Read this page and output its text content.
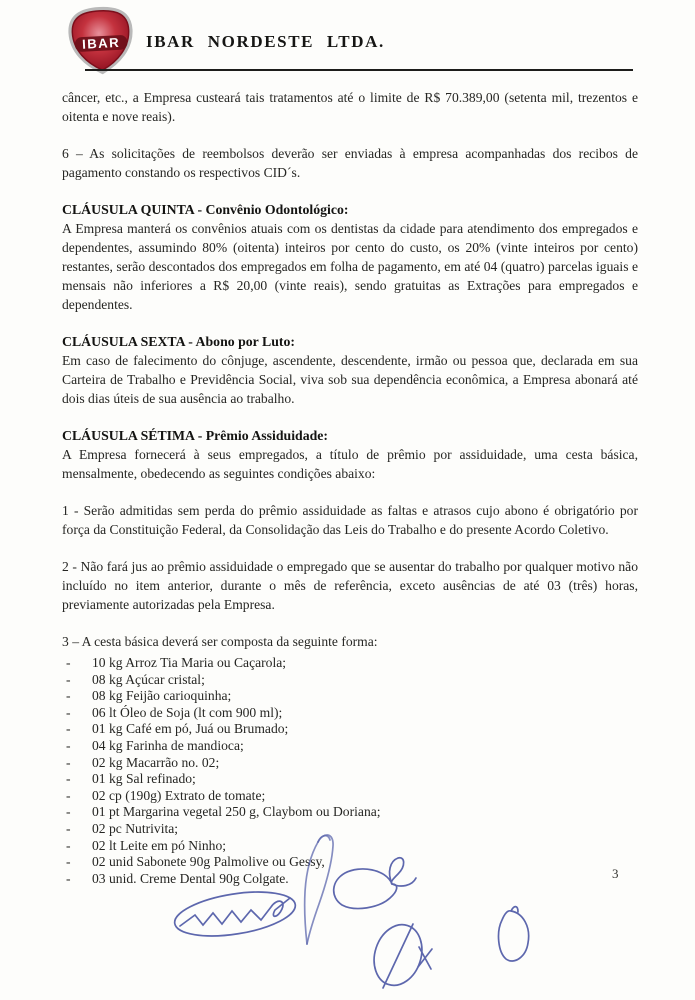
IBAR IBAR NORDESTE LTDA.

câncer, etc., a Empresa custeará tais tratamentos até o limite de R$ 70.389,00 (setenta mil, trezentos e oitenta e nove reais).

6 – As solicitações de reembolsos deverão ser enviadas à empresa acompanhadas dos recibos de pagamento constando os respectivos CID´s.

CLÁUSULA QUINTA - Convênio Odontológico:

A Empresa manterá os convênios atuais com os dentistas da cidade para atendimento dos empregados e dependentes, assumindo 80% (oitenta) inteiros por cento do custo, os 20% (vinte inteiros por cento) restantes, serão descontados dos empregados em folha de pagamento, em até 04 (quatro) parcelas iguais e mensais não inferiores a R$ 20,00 (vinte reais), sendo gratuitas as Extrações para empregados e dependentes.

CLÁUSULA SEXTA - Abono por Luto:

Em caso de falecimento do cônjuge, ascendente, descendente, irmão ou pessoa que, declarada em sua Carteira de Trabalho e Previdência Social, viva sob sua dependência econômica, a Empresa abonará até dois dias úteis de sua ausência ao trabalho.

CLÁUSULA SÉTIMA - Prêmio Assiduidade:

A Empresa fornecerá à seus empregados, a título de prêmio por assiduidade, uma cesta básica, mensalmente, obedecendo as seguintes condições abaixo:

1 - Serão admitidas sem perda do prêmio assiduidade as faltas e atrasos cujo abono é obrigatório por força da Constituição Federal, da Consolidação das Leis do Trabalho e do presente Acordo Coletivo.

2 - Não fará jus ao prêmio assiduidade o empregado que se ausentar do trabalho por qualquer motivo não incluído no item anterior, durante o mês de referência, exceto ausências de até 03 (três) horas, previamente autorizadas pela Empresa.

3 – A cesta básica deverá ser composta da seguinte forma:

-	10 kg Arroz Tia Maria ou Caçarola;
-	08 kg Açúcar cristal;
-	08 kg Feijão carioquinha;
-	06 lt Óleo de Soja (lt com 900 ml);
-	01 kg Café em pó, Juá ou Brumado;
-	04 kg Farinha de mandioca;
-	02 kg Macarrão no. 02;
-	01 kg Sal refinado;
-	02 cp (190g) Extrato de tomate;
-	01 pt Margarina vegetal 250 g, Claybom ou Doriana;
-	02 pc Nutrivita;
-	02 lt Leite em pó Ninho;
-	02 unid Sabonete 90g Palmolive ou Gessy,
-	03 unid. Creme Dental 90g Colgate.	3
